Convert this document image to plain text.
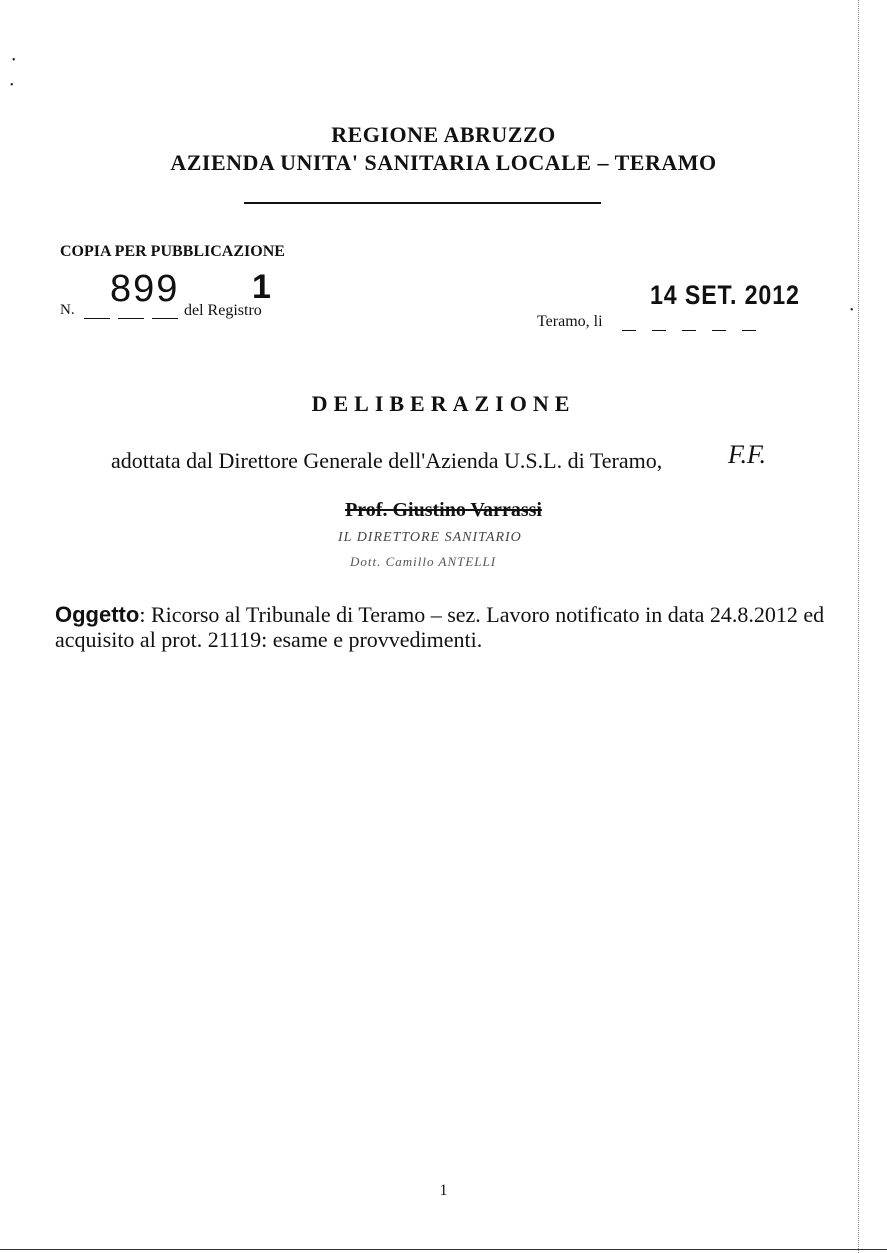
REGIONE ABRUZZO
AZIENDA UNITA' SANITARIA LOCALE – TERAMO
COPIA PER PUBBLICAZIONE
N. 899
del Registro
1	14 SET. 2012
Teramo, li
DELIBERAZIONE
adottata dal Direttore Generale dell'Azienda U.S.L. di Teramo,	F.F.
Prof. Giustino Varrassi
IL DIRETTORE SANITARIO
Dott. Camillo ANTELLI
Oggetto: Ricorso al Tribunale di Teramo – sez. Lavoro notificato in data 24.8.2012 ed acquisito al prot. 21119: esame e provvedimenti.
1
•
•
•
